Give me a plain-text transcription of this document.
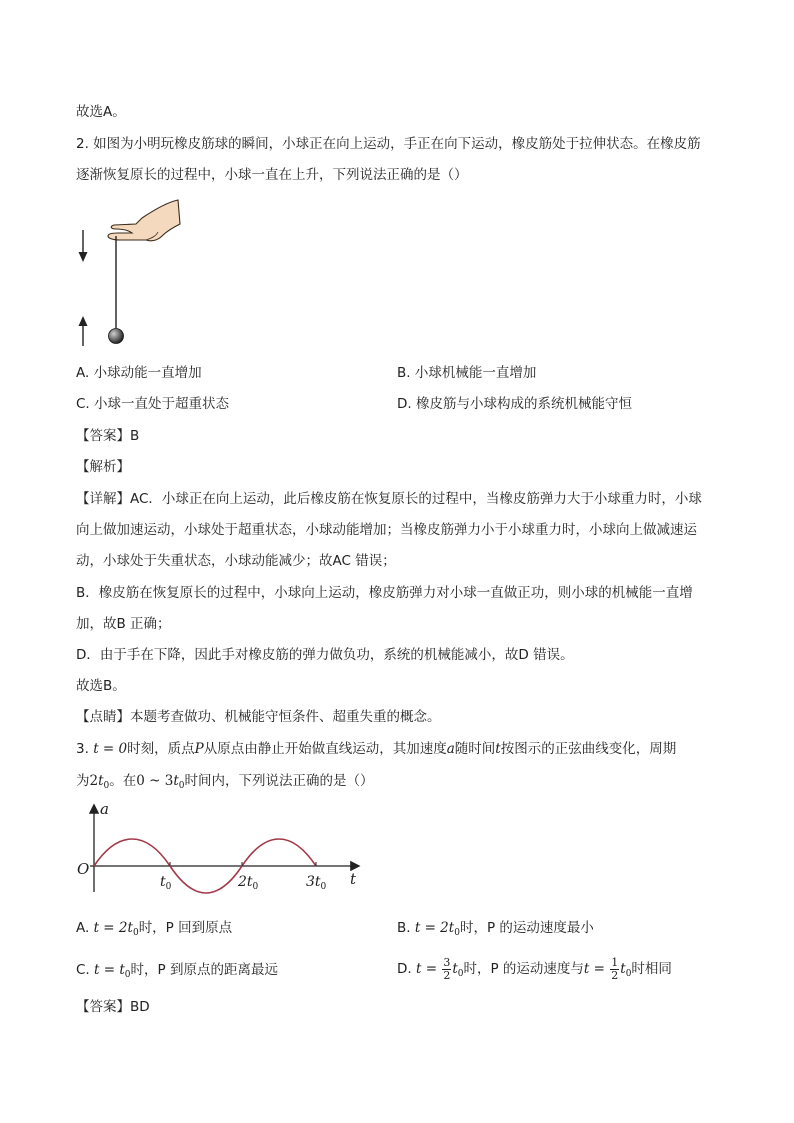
故选A。
2. 如图为小明玩橡皮筋球的瞬间，小球正在向上运动，手正在向下运动，橡皮筋处于拉伸状态。在橡皮筋
逐渐恢复原长的过程中，小球一直在上升，下列说法正确的是（）
A. 小球动能一直增加	B. 小球机械能一直增加
C. 小球一直处于超重状态	D. 橡皮筋与小球构成的系统机械能守恒
【答案】B
【解析】
【详解】AC．小球正在向上运动，此后橡皮筋在恢复原长的过程中，当橡皮筋弹力大于小球重力时，小球
向上做加速运动，小球处于超重状态，小球动能增加；当橡皮筋弹力小于小球重力时，小球向上做减速运
动，小球处于失重状态，小球动能减少；故AC 错误；
B．橡皮筋在恢复原长的过程中，小球向上运动，橡皮筋弹力对小球一直做正功，则小球的机械能一直增
加，故B 正确；
D．由于手在下降，因此手对橡皮筋的弹力做负功，系统的机械能减小，故D 错误。
故选B。
【点睛】本题考查做功、机械能守恒条件、超重失重的概念。
3. t = 0时刻，质点P从原点由静止开始做直线运动，其加速度a随时间t按图示的正弦曲线变化，周期
为$2t_0$。在0 ~ $3t_0$时间内，下列说法正确的是（）
a
t
O
$t_0$	$2t_0$	$3t_0$
A. $t = 2t_0$时，P 回到原点	B. $t = 2t_0$时，P 的运动速度最小
C. $t = t_0$时，P 到原点的距离最远	D. $t = \frac{3}{2} t_0$时，P 的运动速度与$t = \frac{1}{2} t_0$时相同
【答案】BD
